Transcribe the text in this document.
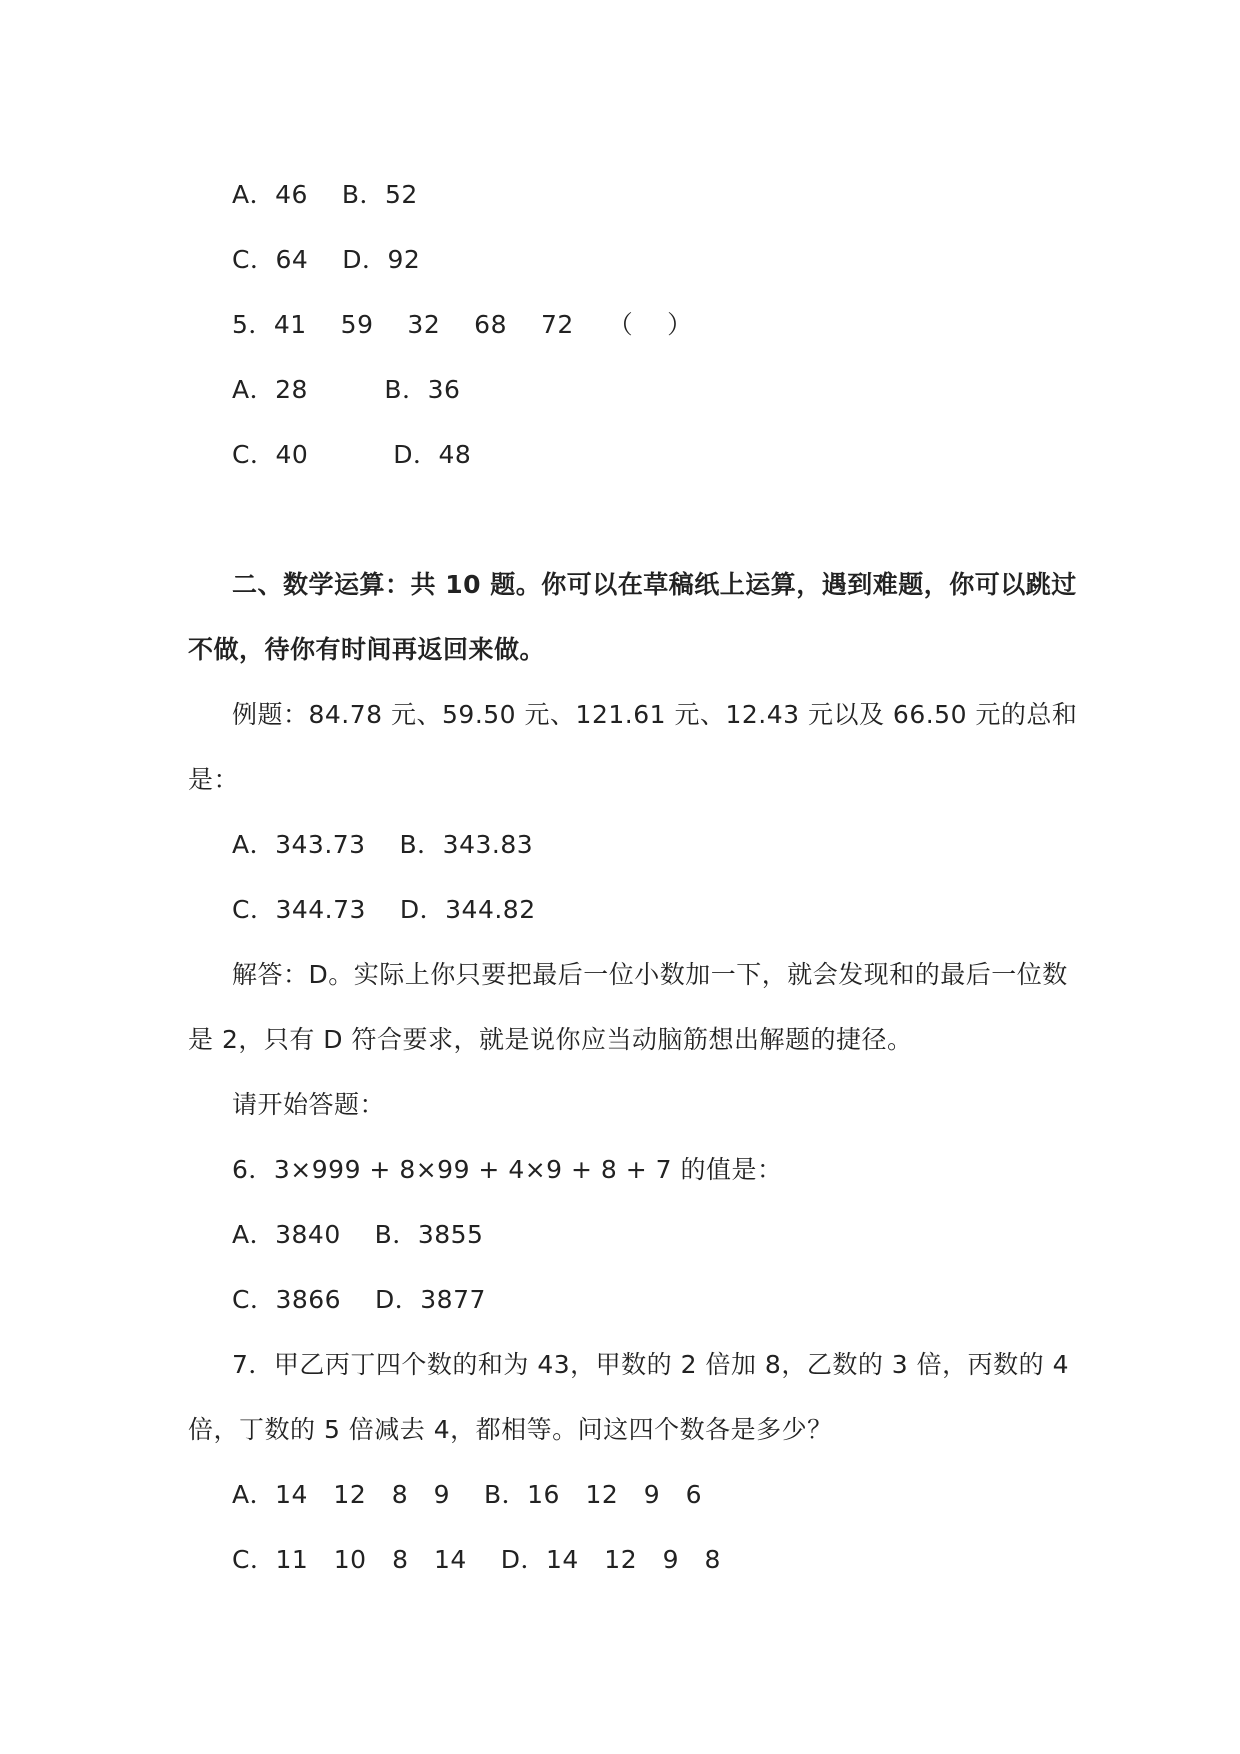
A．46　 B．52
C．64　 D．92
5．41　 59　 32　 68　 72　 （　 ）
A．28　　　B．36
C．40　　　 D．48
二、数学运算：共 10 题。你可以在草稿纸上运算，遇到难题，你可以跳过
不做，待你有时间再返回来做。
例题：84.78 元、59.50 元、121.61 元、12.43 元以及 66.50 元的总和
是：
A．343.73　 B．343.83
C．344.73　 D．344.82
解答：D。实际上你只要把最后一位小数加一下，就会发现和的最后一位数
是 2，只有 D 符合要求，就是说你应当动脑筋想出解题的捷径。
请开始答题：
6．3×999 + 8×99 + 4×9 + 8 + 7 的值是：
A．3840　 B．3855
C．3866　 D．3877
7．甲乙丙丁四个数的和为 43，甲数的 2 倍加 8，乙数的 3 倍，丙数的 4
倍，丁数的 5 倍减去 4，都相等。问这四个数各是多少？
A．14　12　8　9　 B．16　12　9　6
C．11　10　8　14　 D．14　12　9　8
